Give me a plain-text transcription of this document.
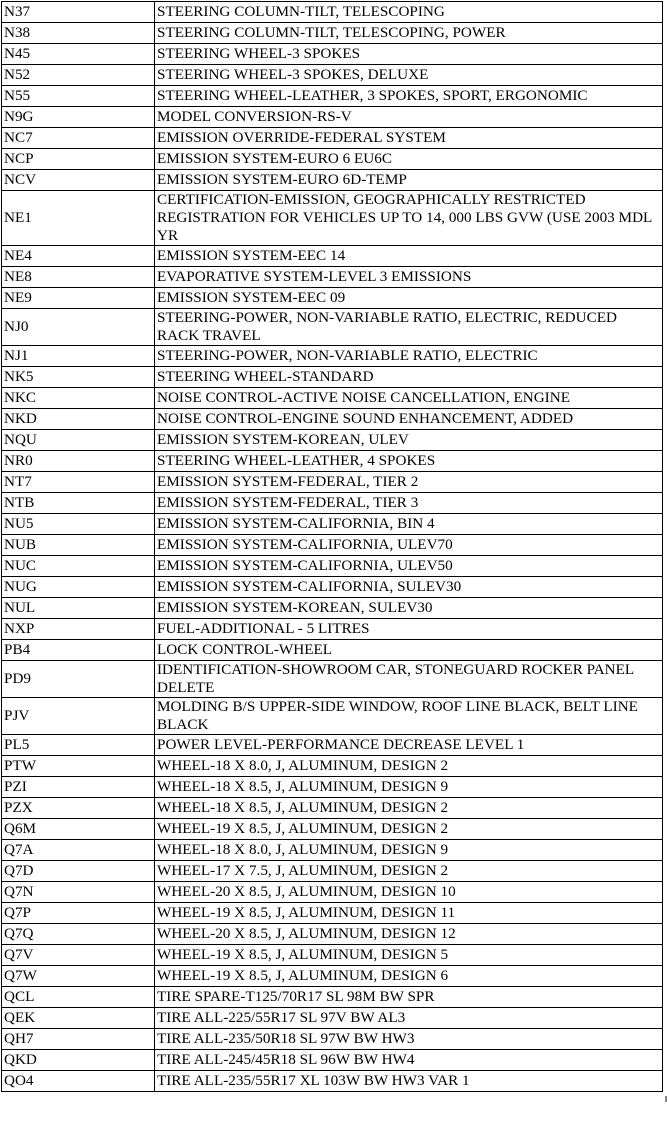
N37	STEERING COLUMN-TILT, TELESCOPING
N38	STEERING COLUMN-TILT, TELESCOPING, POWER
N45	STEERING WHEEL-3 SPOKES
N52	STEERING WHEEL-3 SPOKES, DELUXE
N55	STEERING WHEEL-LEATHER, 3 SPOKES, SPORT, ERGONOMIC
N9G	MODEL CONVERSION-RS-V
NC7	EMISSION OVERRIDE-FEDERAL SYSTEM
NCP	EMISSION SYSTEM-EURO 6 EU6C
NCV	EMISSION SYSTEM-EURO 6D-TEMP
NE1	CERTIFICATION-EMISSION, GEOGRAPHICALLY RESTRICTED REGISTRATION FOR VEHICLES UP TO 14, 000 LBS GVW (USE 2003 MDL YR
NE4	EMISSION SYSTEM-EEC 14
NE8	EVAPORATIVE SYSTEM-LEVEL 3 EMISSIONS
NE9	EMISSION SYSTEM-EEC 09
NJ0	STEERING-POWER, NON-VARIABLE RATIO, ELECTRIC, REDUCED RACK TRAVEL
NJ1	STEERING-POWER, NON-VARIABLE RATIO, ELECTRIC
NK5	STEERING WHEEL-STANDARD
NKC	NOISE CONTROL-ACTIVE NOISE CANCELLATION, ENGINE
NKD	NOISE CONTROL-ENGINE SOUND ENHANCEMENT, ADDED
NQU	EMISSION SYSTEM-KOREAN, ULEV
NR0	STEERING WHEEL-LEATHER, 4 SPOKES
NT7	EMISSION SYSTEM-FEDERAL, TIER 2
NTB	EMISSION SYSTEM-FEDERAL, TIER 3
NU5	EMISSION SYSTEM-CALIFORNIA, BIN 4
NUB	EMISSION SYSTEM-CALIFORNIA, ULEV70
NUC	EMISSION SYSTEM-CALIFORNIA, ULEV50
NUG	EMISSION SYSTEM-CALIFORNIA, SULEV30
NUL	EMISSION SYSTEM-KOREAN, SULEV30
NXP	FUEL-ADDITIONAL - 5 LITRES
PB4	LOCK CONTROL-WHEEL
PD9	IDENTIFICATION-SHOWROOM CAR, STONEGUARD ROCKER PANEL DELETE
PJV	MOLDING B/S UPPER-SIDE WINDOW, ROOF LINE BLACK, BELT LINE BLACK
PL5	POWER LEVEL-PERFORMANCE DECREASE LEVEL 1
PTW	WHEEL-18 X 8.0, J, ALUMINUM, DESIGN 2
PZI	WHEEL-18 X 8.5, J, ALUMINUM, DESIGN 9
PZX	WHEEL-18 X 8.5, J, ALUMINUM, DESIGN 2
Q6M	WHEEL-19 X 8.5, J, ALUMINUM, DESIGN 2
Q7A	WHEEL-18 X 8.0, J, ALUMINUM, DESIGN 9
Q7D	WHEEL-17 X 7.5, J, ALUMINUM, DESIGN 2
Q7N	WHEEL-20 X 8.5, J, ALUMINUM, DESIGN 10
Q7P	WHEEL-19 X 8.5, J, ALUMINUM, DESIGN 11
Q7Q	WHEEL-20 X 8.5, J, ALUMINUM, DESIGN 12
Q7V	WHEEL-19 X 8.5, J, ALUMINUM, DESIGN 5
Q7W	WHEEL-19 X 8.5, J, ALUMINUM, DESIGN 6
QCL	TIRE SPARE-T125/70R17 SL 98M BW SPR
QEK	TIRE ALL-225/55R17 SL 97V BW AL3
QH7	TIRE ALL-235/50R18 SL 97W BW HW3
QKD	TIRE ALL-245/45R18 SL 96W BW HW4
QO4	TIRE ALL-235/55R17 XL 103W BW HW3 VAR 1
